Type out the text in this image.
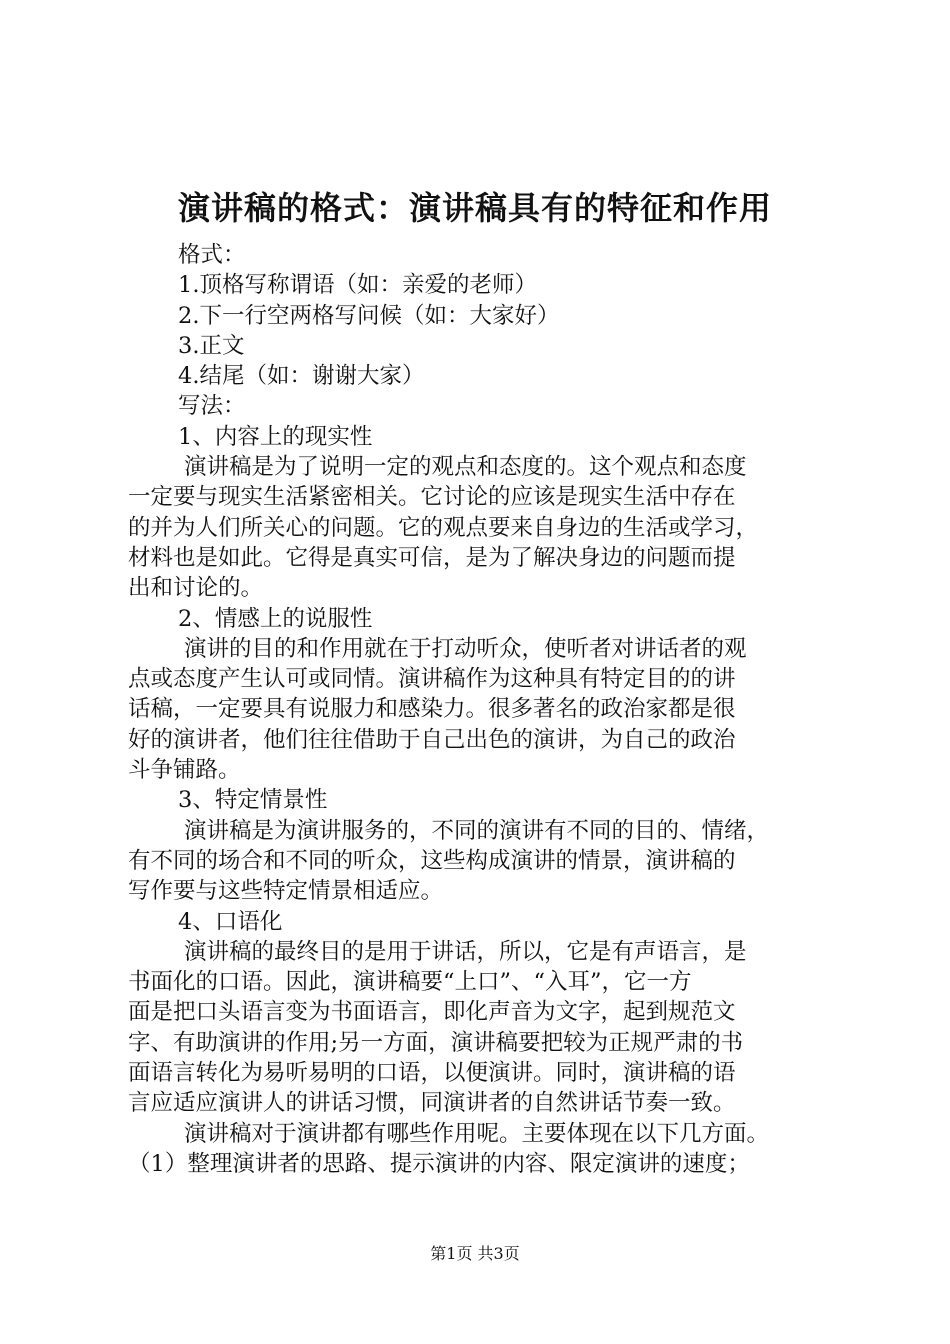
演讲稿的格式：演讲稿具有的特征和作用
格式：
1.顶格写称谓语（如：亲爱的老师）
2.下一行空两格写问候（如：大家好）
3.正文
4.结尾（如：谢谢大家）
写法：
1、内容上的现实性
演讲稿是为了说明一定的观点和态度的。这个观点和态度
一定要与现实生活紧密相关。它讨论的应该是现实生活中存在
的并为人们所关心的问题。它的观点要来自身边的生活或学习，
材料也是如此。它得是真实可信，是为了解决身边的问题而提
出和讨论的。
2、情感上的说服性
演讲的目的和作用就在于打动听众，使听者对讲话者的观
点或态度产生认可或同情。演讲稿作为这种具有特定目的的讲
话稿，一定要具有说服力和感染力。很多著名的政治家都是很
好的演讲者，他们往往借助于自己出色的演讲，为自己的政治
斗争铺路。
3、特定情景性
演讲稿是为演讲服务的，不同的演讲有不同的目的、情绪，
有不同的场合和不同的听众，这些构成演讲的情景，演讲稿的
写作要与这些特定情景相适应。
4、口语化
演讲稿的最终目的是用于讲话，所以，它是有声语言，是
书面化的口语。因此，演讲稿要“上口”、“入耳”，它一方
面是把口头语言变为书面语言，即化声音为文字，起到规范文
字、有助演讲的作用;另一方面，演讲稿要把较为正规严肃的书
面语言转化为易听易明的口语，以便演讲。同时，演讲稿的语
言应适应演讲人的讲话习惯，同演讲者的自然讲话节奏一致。
演讲稿对于演讲都有哪些作用呢。主要体现在以下几方面。
（1）整理演讲者的思路、提示演讲的内容、限定演讲的速度；
第1页 共3页
